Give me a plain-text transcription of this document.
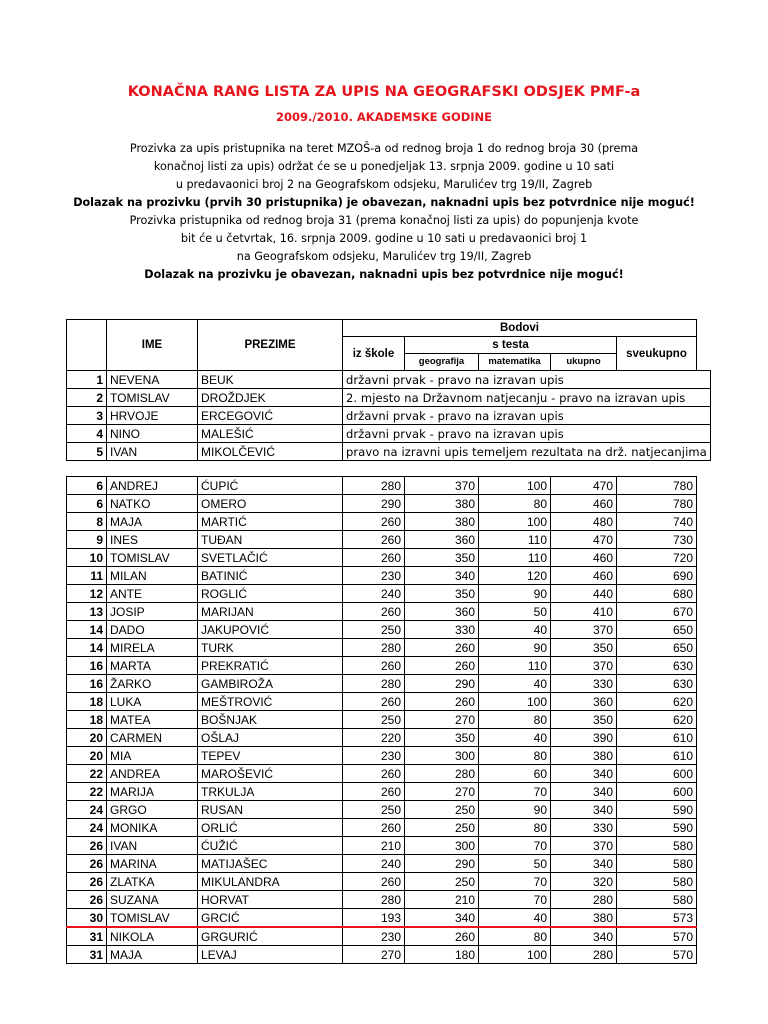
KONAČNA RANG LISTA ZA UPIS NA GEOGRAFSKI ODSJEK PMF-a
2009./2010. AKADEMSKE GODINE
Prozivka za upis pristupnika na teret MZOŠ-a od rednog broja 1 do rednog broja 30 (prema
konačnoj listi za upis) održat će se u ponedjeljak 13. srpnja 2009. godine u 10 sati
u predavaonici broj 2 na Geografskom odsjeku, Marulićev trg 19/II, Zagreb
Dolazak na prozivku (prvih 30 pristupnika) je obavezan, naknadni upis bez potvrdnice nije moguć!
Prozivka pristupnika od rednog broja 31 (prema konačnoj listi za upis) do popunjenja kvote
bit će u četvrtak, 16. srpnja 2009. godine u 10 sati u predavaonici broj 1
na Geografskom odsjeku, Marulićev trg 19/II, Zagreb
Dolazak na prozivku je obavezan, naknadni upis bez potvrdnice nije moguć!
	IME	PREZIME	Bodovi				
			iz škole	s testa			sveukupno
				geografija	matematika	ukupno	
1	NEVENA	BEUK	državni prvak - pravo na izravan upis
2	TOMISLAV	DROŽDJEK	2. mjesto na Državnom natjecanju - pravo na izravan upis
3	HRVOJE	ERCEGOVIĆ	državni prvak - pravo na izravan upis
4	NINO	MALEŠIĆ	državni prvak - pravo na izravan upis
5	IVAN	MIKOLČEVIĆ	pravo na izravni upis temeljem rezultata na drž. natjecanjima
6	ANDREJ	ĆUPIĆ	280	370	100	470	780
6	NATKO	OMERO	290	380	80	460	780
8	MAJA	MARTIĆ	260	380	100	480	740
9	INES	TUĐAN	260	360	110	470	730
10	TOMISLAV	SVETLAČIĆ	260	350	110	460	720
11	MILAN	BATINIĆ	230	340	120	460	690
12	ANTE	ROGLIĆ	240	350	90	440	680
13	JOSIP	MARIJAN	260	360	50	410	670
14	DADO	JAKUPOVIĆ	250	330	40	370	650
14	MIRELA	TURK	280	260	90	350	650
16	MARTA	PREKRATIĆ	260	260	110	370	630
16	ŽARKO	GAMBIROŽA	280	290	40	330	630
18	LUKA	MEŠTROVIĆ	260	260	100	360	620
18	MATEA	BOŠNJAK	250	270	80	350	620
20	CARMEN	OŠLAJ	220	350	40	390	610
20	MIA	TEPEV	230	300	80	380	610
22	ANDREA	MAROŠEVIĆ	260	280	60	340	600
22	MARIJA	TRKULJA	260	270	70	340	600
24	GRGO	RUSAN	250	250	90	340	590
24	MONIKA	ORLIĆ	260	250	80	330	590
26	IVAN	ĆUŽIĆ	210	300	70	370	580
26	MARINA	MATIJAŠEC	240	290	50	340	580
26	ZLATKA	MIKULANDRA	260	250	70	320	580
26	SUZANA	HORVAT	280	210	70	280	580
30	TOMISLAV	GRCIĆ	193	340	40	380	573
31	NIKOLA	GRGURIĆ	230	260	80	340	570
31	MAJA	LEVAJ	270	180	100	280	570
